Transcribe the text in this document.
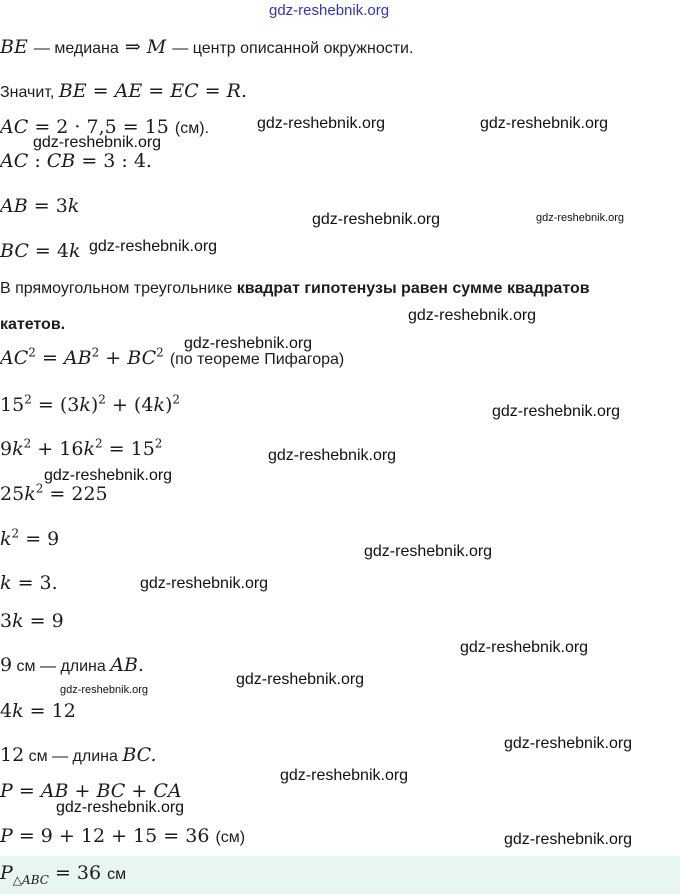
gdz-reshebnik.org
BE — медиана ⇒ M — центр описанной окружности.
Значит, BE = AE = EC = R.
AC = 2 · 7,5 = 15 (см).
AC : CB = 3 : 4.
AB = 3k
BC = 4k
В прямоугольном треугольнике квадрат гипотенузы равен сумме квадратов
катетов.
$AC^2 = AB^2 + BC^2$ (по теореме Пифагора)
$15^2 = (3k)^2 + (4k)^2$
$9k^2 + 16k^2 = 15^2$
$25k^2 = 225$
$k^2 = 9$
k = 3.
3k = 9
9 см — длина AB.
4k = 12
12 см — длина BC.
P = AB + BC + CA
P = 9 + 12 + 15 = 36 (см)
$P_{\triangle ABC} = 36$ см
gdz-reshebnik.org	gdz-reshebnik.org
gdz-reshebnik.org
gdz-reshebnik.org	gdz-reshebnik.org
gdz-reshebnik.org
gdz-reshebnik.org
gdz-reshebnik.org
gdz-reshebnik.org
gdz-reshebnik.org
gdz-reshebnik.org
gdz-reshebnik.org
gdz-reshebnik.org
gdz-reshebnik.org
gdz-reshebnik.org
gdz-reshebnik.org
gdz-reshebnik.org
gdz-reshebnik.org
gdz-reshebnik.org
gdz-reshebnik.org
